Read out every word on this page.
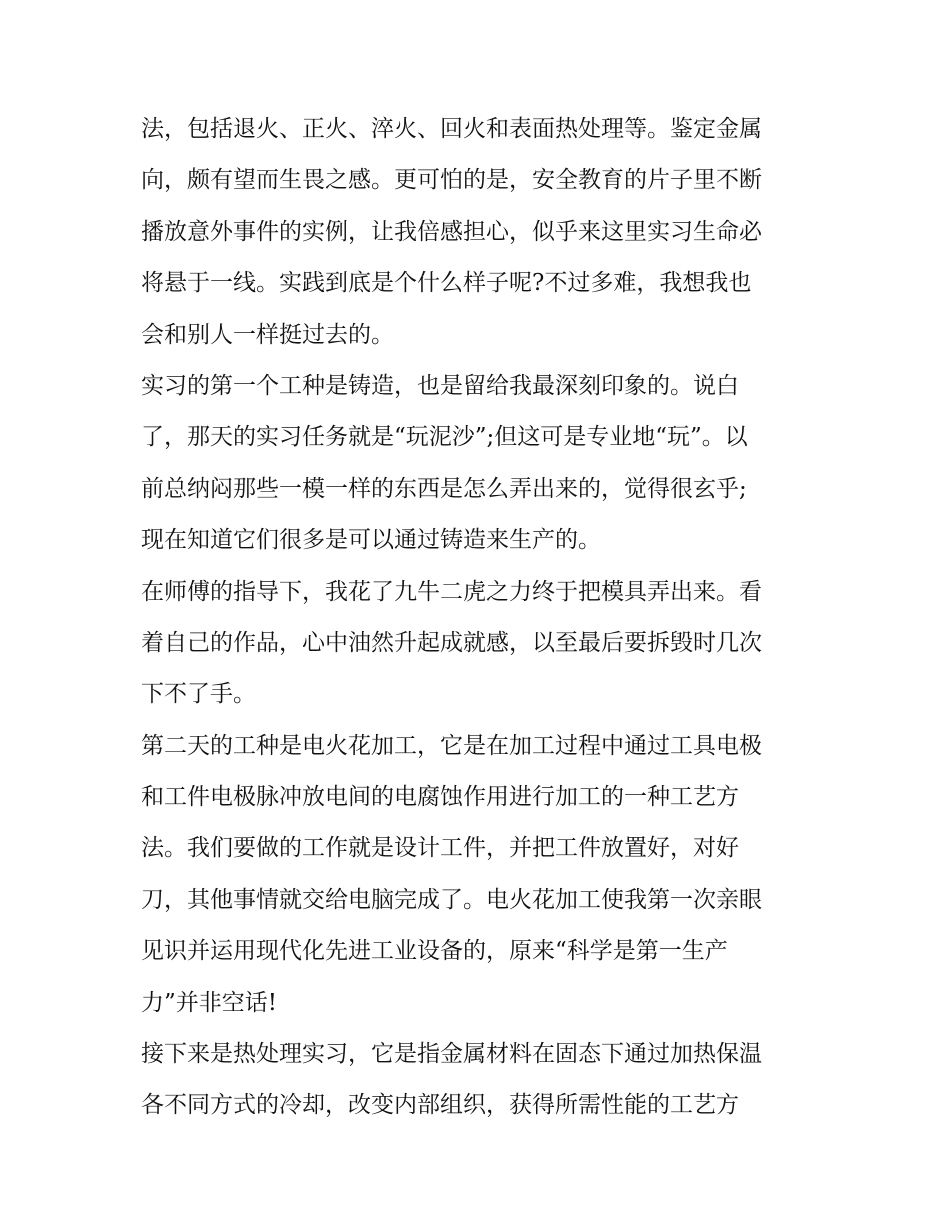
法，包括退火、正火、淬火、回火和表面热处理等。鉴定金属
向，颇有望而生畏之感。更可怕的是，安全教育的片子里不断
播放意外事件的实例，让我倍感担心，似乎来这里实习生命必
将悬于一线。实践到底是个什么样子呢?不过多难，我想我也
会和别人一样挺过去的。
实习的第一个工种是铸造，也是留给我最深刻印象的。说白
了，那天的实习任务就是“玩泥沙”;但这可是专业地“玩”。以
前总纳闷那些一模一样的东西是怎么弄出来的，觉得很玄乎;
现在知道它们很多是可以通过铸造来生产的。
在师傅的指导下，我花了九牛二虎之力终于把模具弄出来。看
着自己的作品，心中油然升起成就感，以至最后要拆毁时几次
下不了手。
第二天的工种是电火花加工，它是在加工过程中通过工具电极
和工件电极脉冲放电间的电腐蚀作用进行加工的一种工艺方
法。我们要做的工作就是设计工件，并把工件放置好，对好
刀，其他事情就交给电脑完成了。电火花加工使我第一次亲眼
见识并运用现代化先进工业设备的，原来“科学是第一生产
力”并非空话!
接下来是热处理实习，它是指金属材料在固态下通过加热保温
各不同方式的冷却，改变内部组织，获得所需性能的工艺方
